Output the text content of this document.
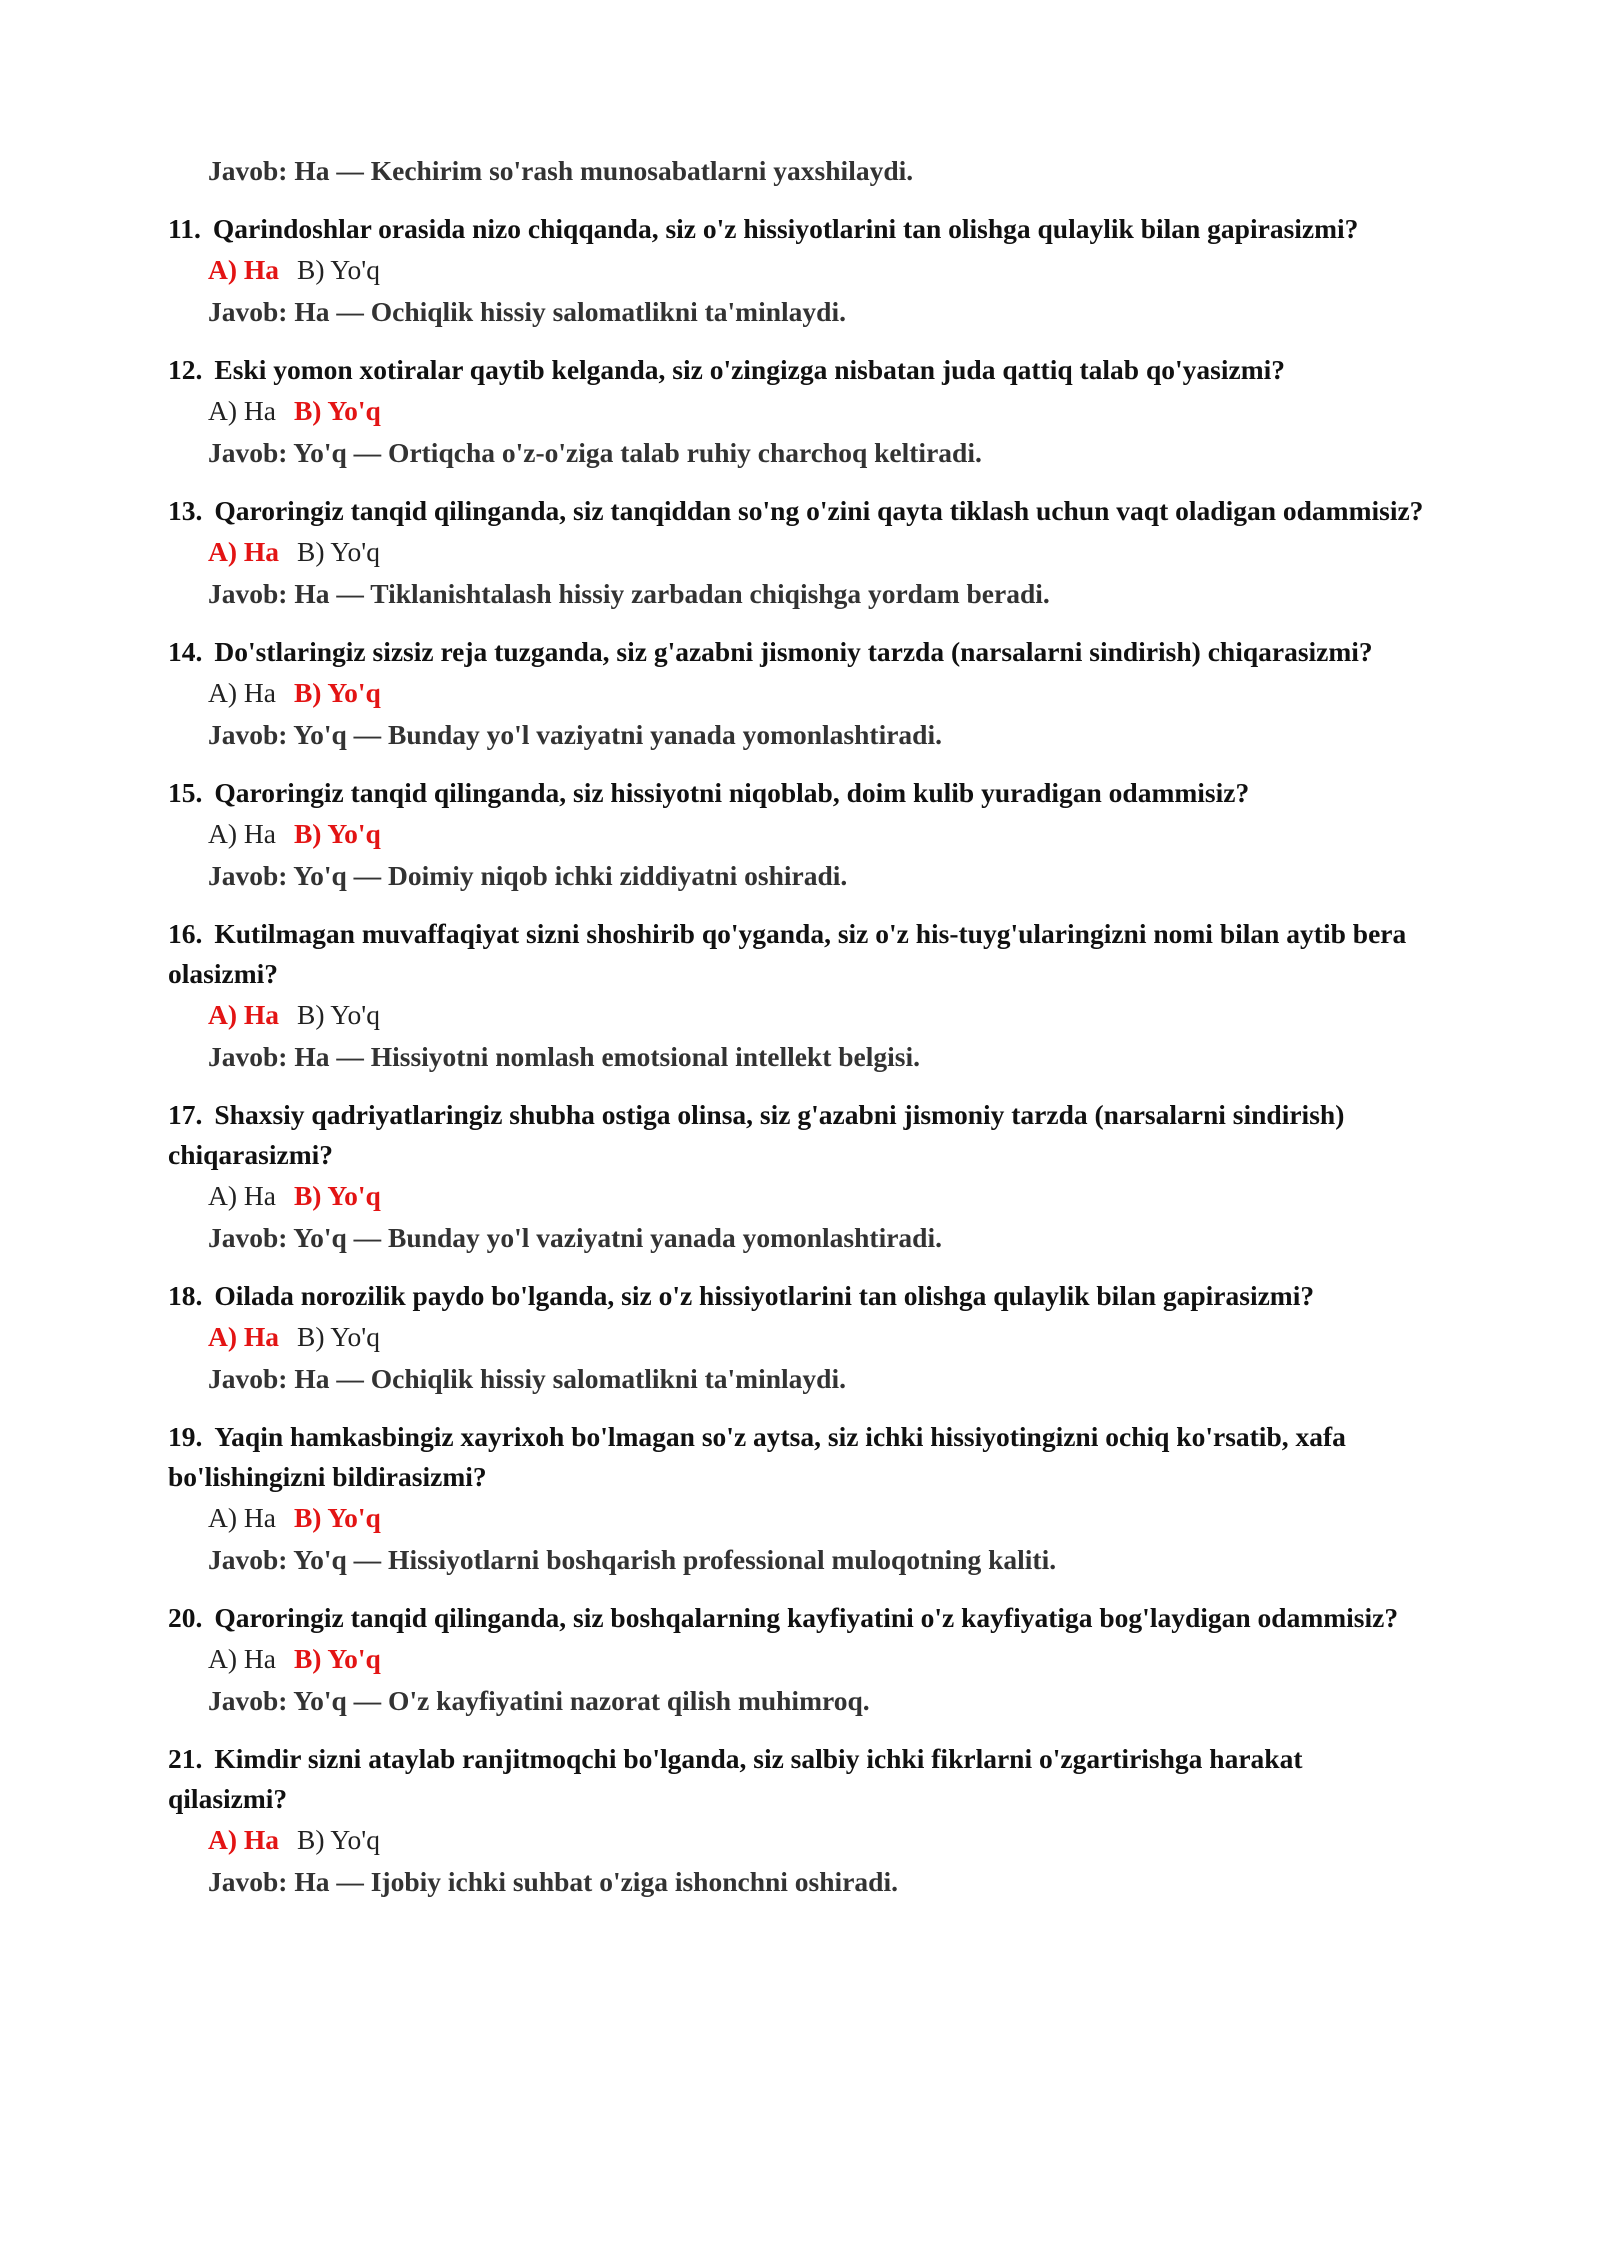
Javob: Ha — Kechirim so'rash munosabatlarni yaxshilaydi.
11. Qarindoshlar orasida nizo chiqqanda, siz o'z hissiyotlarini tan olishga qulaylik bilan gapirasizmi?
A) Ha B) Yo'q
Javob: Ha — Ochiqlik hissiy salomatlikni ta'minlaydi.
12. Eski yomon xotiralar qaytib kelganda, siz o'zingizga nisbatan juda qattiq talab qo'yasizmi?
A) Ha B) Yo'q
Javob: Yo'q — Ortiqcha o'z-o'ziga talab ruhiy charchoq keltiradi.
13. Qaroringiz tanqid qilinganda, siz tanqiddan so'ng o'zini qayta tiklash uchun vaqt oladigan odammisiz?
A) Ha B) Yo'q
Javob: Ha — Tiklanishtalash hissiy zarbadan chiqishga yordam beradi.
14. Do'stlaringiz sizsiz reja tuzganda, siz g'azabni jismoniy tarzda (narsalarni sindirish) chiqarasizmi?
A) Ha B) Yo'q
Javob: Yo'q — Bunday yo'l vaziyatni yanada yomonlashtiradi.
15. Qaroringiz tanqid qilinganda, siz hissiyotni niqoblab, doim kulib yuradigan odammisiz?
A) Ha B) Yo'q
Javob: Yo'q — Doimiy niqob ichki ziddiyatni oshiradi.
16. Kutilmagan muvaffaqiyat sizni shoshirib qo'yganda, siz o'z his-tuyg'ularingizni nomi bilan aytib bera olasizmi?
A) Ha B) Yo'q
Javob: Ha — Hissiyotni nomlash emotsional intellekt belgisi.
17. Shaxsiy qadriyatlaringiz shubha ostiga olinsa, siz g'azabni jismoniy tarzda (narsalarni sindirish) chiqarasizmi?
A) Ha B) Yo'q
Javob: Yo'q — Bunday yo'l vaziyatni yanada yomonlashtiradi.
18. Oilada norozilik paydo bo'lganda, siz o'z hissiyotlarini tan olishga qulaylik bilan gapirasizmi?
A) Ha B) Yo'q
Javob: Ha — Ochiqlik hissiy salomatlikni ta'minlaydi.
19. Yaqin hamkasbingiz xayrixoh bo'lmagan so'z aytsa, siz ichki hissiyotingizni ochiq ko'rsatib, xafa bo'lishingizni bildirasizmi?
A) Ha B) Yo'q
Javob: Yo'q — Hissiyotlarni boshqarish professional muloqotning kaliti.
20. Qaroringiz tanqid qilinganda, siz boshqalarning kayfiyatini o'z kayfiyatiga bog'laydigan odammisiz?
A) Ha B) Yo'q
Javob: Yo'q — O'z kayfiyatini nazorat qilish muhimroq.
21. Kimdir sizni ataylab ranjitmoqchi bo'lganda, siz salbiy ichki fikrlarni o'zgartirishga harakat qilasizmi?
A) Ha B) Yo'q
Javob: Ha — Ijobiy ichki suhbat o'ziga ishonchni oshiradi.
